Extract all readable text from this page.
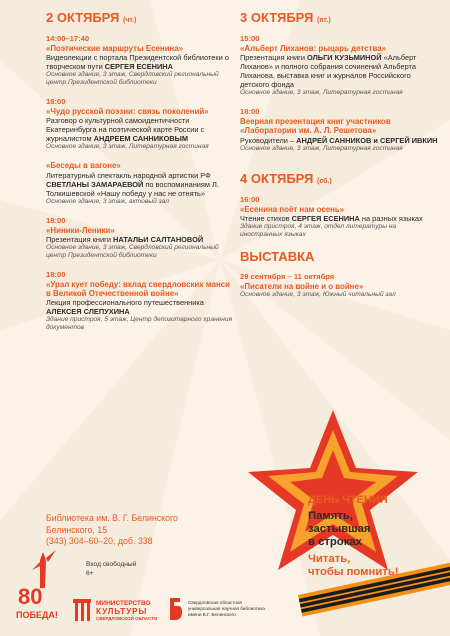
2 ОКТЯБРЯ (чт.)
14:00–17:40
«Поэтические маршруты Есенина»
Видеолекции с портала Президентской библиотеки о творческом пути СЕРГЕЯ ЕСЕНИНА
Основное здание, 3 этаж, Свердловский региональный центр Президентской библиотеки
18:00
«Чудо русской поэзии: связь поколений»
Разговор о культурной самоидентичности Екатеринбурга на поэтической карте России с журналистом АНДРЕЕМ САННИКОВЫМ
Основное здание, 3 этаж, Литературная гостиная
«Беседы в вагоне»
Литературный спектакль народной артистки РФ СВЕТЛАНЫ ЗАМАРАЕВОЙ по воспоминаниям Л. Толкишевской «Нашу победу у нас не отнять»
Основное здание, 3 этаж, актовый зал
18:00
«Ниники-Леники»
Презентация книги НАТАЛЬИ САЛТАНОВОЙ
Основное здание, 3 этаж, Свердловский региональный центр Президентской библиотеки
18:00
«Урал кует победу: вклад свердловских манси в Великой Отечественной войне»
Лекция профессионального путешественника АЛЕКСЕЯ СЛЕПУХИНА
Здание пристроя, 5 этаж, Центр депозитарного хранения документов
3 ОКТЯБРЯ (пт.)
15:00
«Альберт Лиханов: рыцарь детства»
Презентация книги ОЛЬГИ КУЗЬМИНОЙ «Альберт Лиханов» и полного собрания сочинений Альберта Лиханова, выставка книг и журналов Российского детского фонда
Основное здание, 3 этаж, Литературная гостиная
18:00
Веерная презентация книг участников «Лаборатории им. А. Л. Решетова»
Руководители – АНДРЕЙ САННИКОВ и СЕРГЕЙ ИВКИН
Основное здание, 3 этаж, Литературная гостиная
4 ОКТЯБРЯ (сб.)
16:00
«Есенина поёт нам осень»
Чтение стихов СЕРГЕЯ ЕСЕНИНА на разных языках
Здание пристроя, 4 этаж, отдел литературы на иностранных языках
ВЫСТАВКА
29 сентября – 11 октября
«Писатели на войне и о войне»
Основное здание, 3 этаж, Южный читальный зал
ДЕНЬ ЧТЕНИЯ
Память,
застывшая
в строках
Читать,
чтобы помнить!
Библиотека им. В. Г. Белинского
Белинского, 15
(343) 304–60–20, доб. 338
Вход свободный
6+
80
ПОБЕДА!
МИНИСТЕРСТВО
КУЛЬТУРЫ
СВЕРДЛОВСКОЙ ОБЛАСТИ
Свердловская областная
универсальная научная библиотека
имени В.Г. Белинского
